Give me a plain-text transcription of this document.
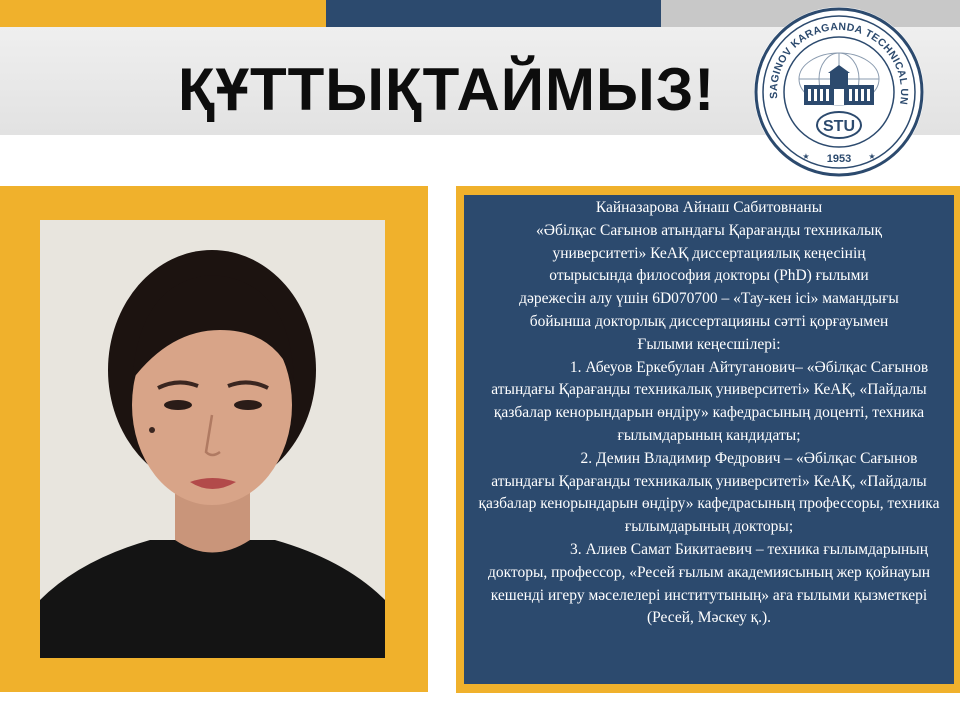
ҚҰТТЫҚТАЙМЫЗ!	SAGINOV KARAGANDA TECHNICAL UN
STU
1953
★	★

Кайназарова Айнаш Сабитовнаны

«Әбілқас Сағынов атындағы Қарағанды техникалық

университеті» КеАҚ диссертациялық кеңесінің

отырысында философия докторы (PhD) ғылыми

дәрежесін алу үшін 6D070700 – «Тау-кен ісі» мамандығы

бойынша докторлық диссертацияны сәтті қорғауымен

Ғылыми кеңесшілері:

1. Абеуов Еркебулан Айтуганович– «Әбілқас Сағынов атындағы Қарағанды техникалық университеті» КеАҚ, «Пайдалы қазбалар кенорындарын өндіру» кафедрасының доценті, техника ғылымдарының кандидаты;

2. Демин Владимир Федрович – «Әбілқас Сағынов атындағы Қарағанды техникалық университеті» КеАҚ, «Пайдалы қазбалар кенорындарын өндіру» кафедрасының профессоры, техника ғылымдарының докторы;

3. Алиев Самат Бикитаевич – техника ғылымдарының докторы, профессор, «Ресей ғылым академиясының жер қойнауын кешенді игеру мәселелері институтының» аға ғылыми қызметкері (Ресей, Мәскеу қ.).
